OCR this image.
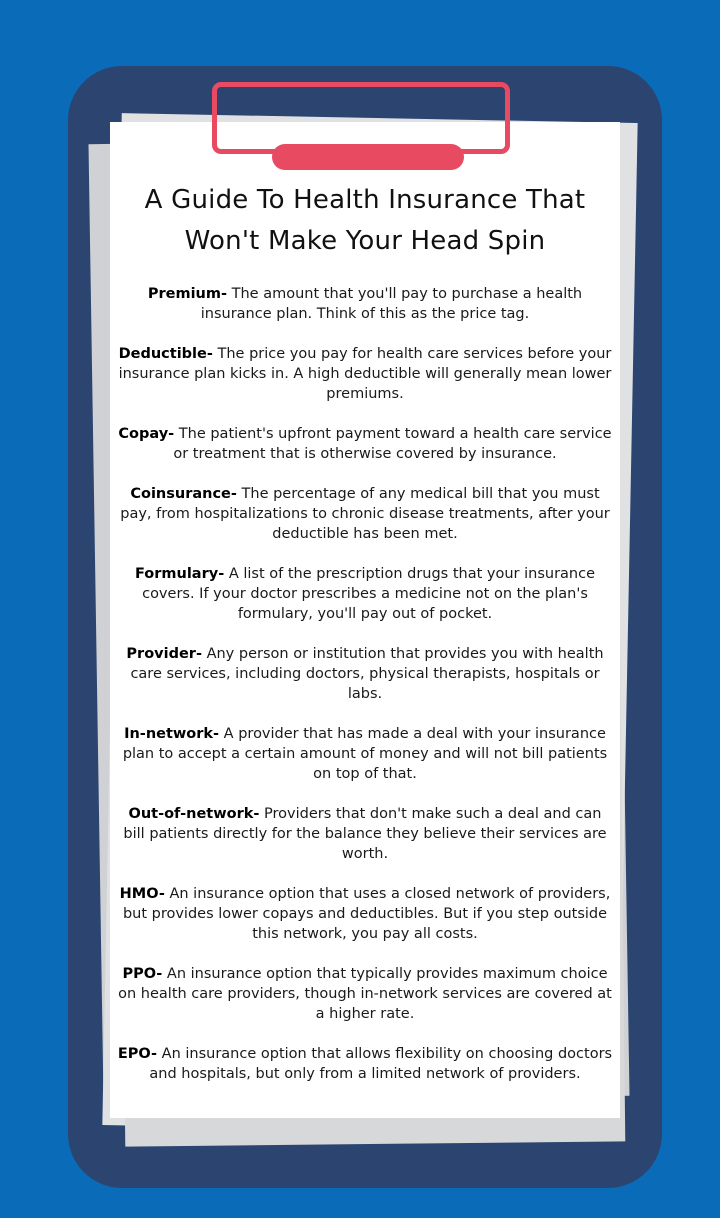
A Guide To Health Insurance That
Won't Make Your Head Spin
Premium- The amount that you'll pay to purchase a health insurance plan. Think of this as the price tag.
Deductible- The price you pay for health care services before your insurance plan kicks in. A high deductible will generally mean lower premiums.
Copay- The patient's upfront payment toward a health care service or treatment that is otherwise covered by insurance.
Coinsurance- The percentage of any medical bill that you must pay, from hospitalizations to chronic disease treatments, after your deductible has been met.
Formulary- A list of the prescription drugs that your insurance covers. If your doctor prescribes a medicine not on the plan's formulary, you'll pay out of pocket.
Provider- Any person or institution that provides you with health care services, including doctors, physical therapists, hospitals or labs.
In-network- A provider that has made a deal with your insurance plan to accept a certain amount of money and will not bill patients on top of that.
Out-of-network- Providers that don't make such a deal and can bill patients directly for the balance they believe their services are worth.
HMO- An insurance option that uses a closed network of providers, but provides lower copays and deductibles. But if you step outside this network, you pay all costs.
PPO- An insurance option that typically provides maximum choice on health care providers, though in-network services are covered at a higher rate.
EPO- An insurance option that allows flexibility on choosing doctors and hospitals, but only from a limited network of providers.
